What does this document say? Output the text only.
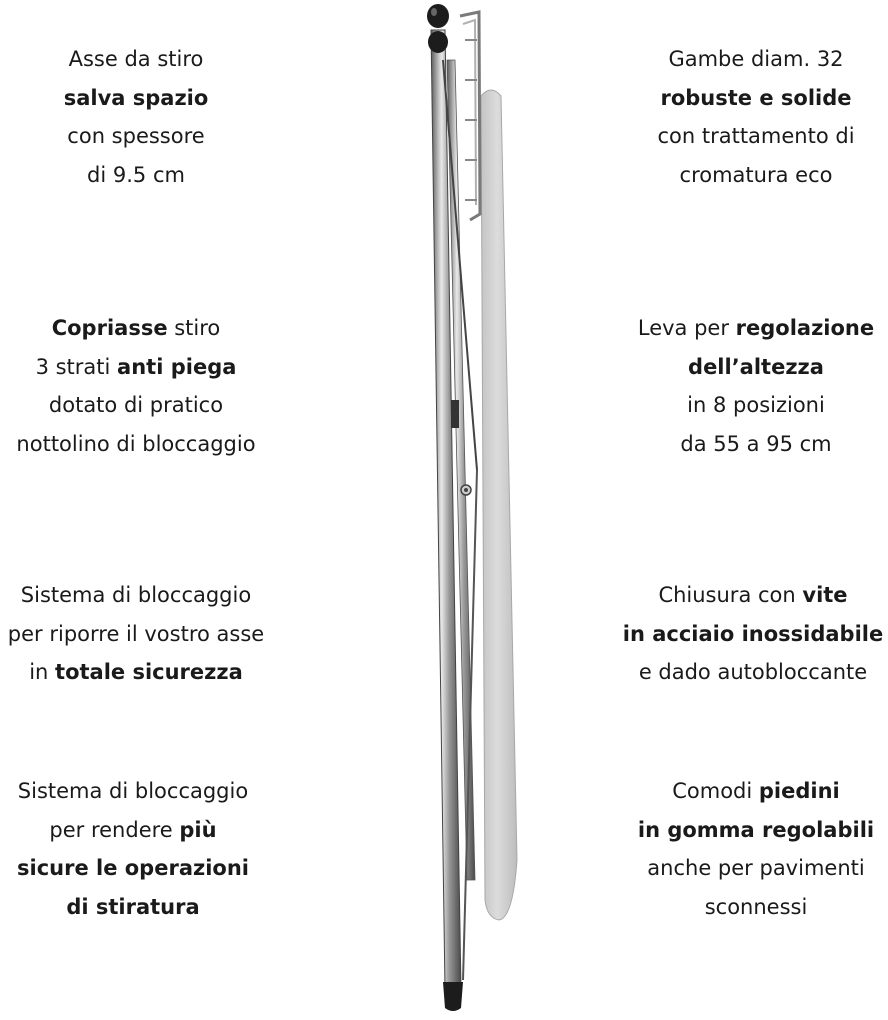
Asse da stiro
salva spazio
con spessore
di 9.5 cm
Copriasse stiro
3 strati anti piega
dotato di pratico
nottolino di bloccaggio
Sistema di bloccaggio
per riporre il vostro asse
in totale sicurezza
Sistema di bloccaggio
per rendere più
sicure le operazioni
di stiratura
Gambe diam. 32
robuste e solide
con trattamento di
cromatura eco
Leva per regolazione
dell’altezza
in 8 posizioni
da 55 a 95 cm
Chiusura con vite
in acciaio inossidabile
e dado autobloccante
Comodi piedini
in gomma regolabili
anche per pavimenti
sconnessi
